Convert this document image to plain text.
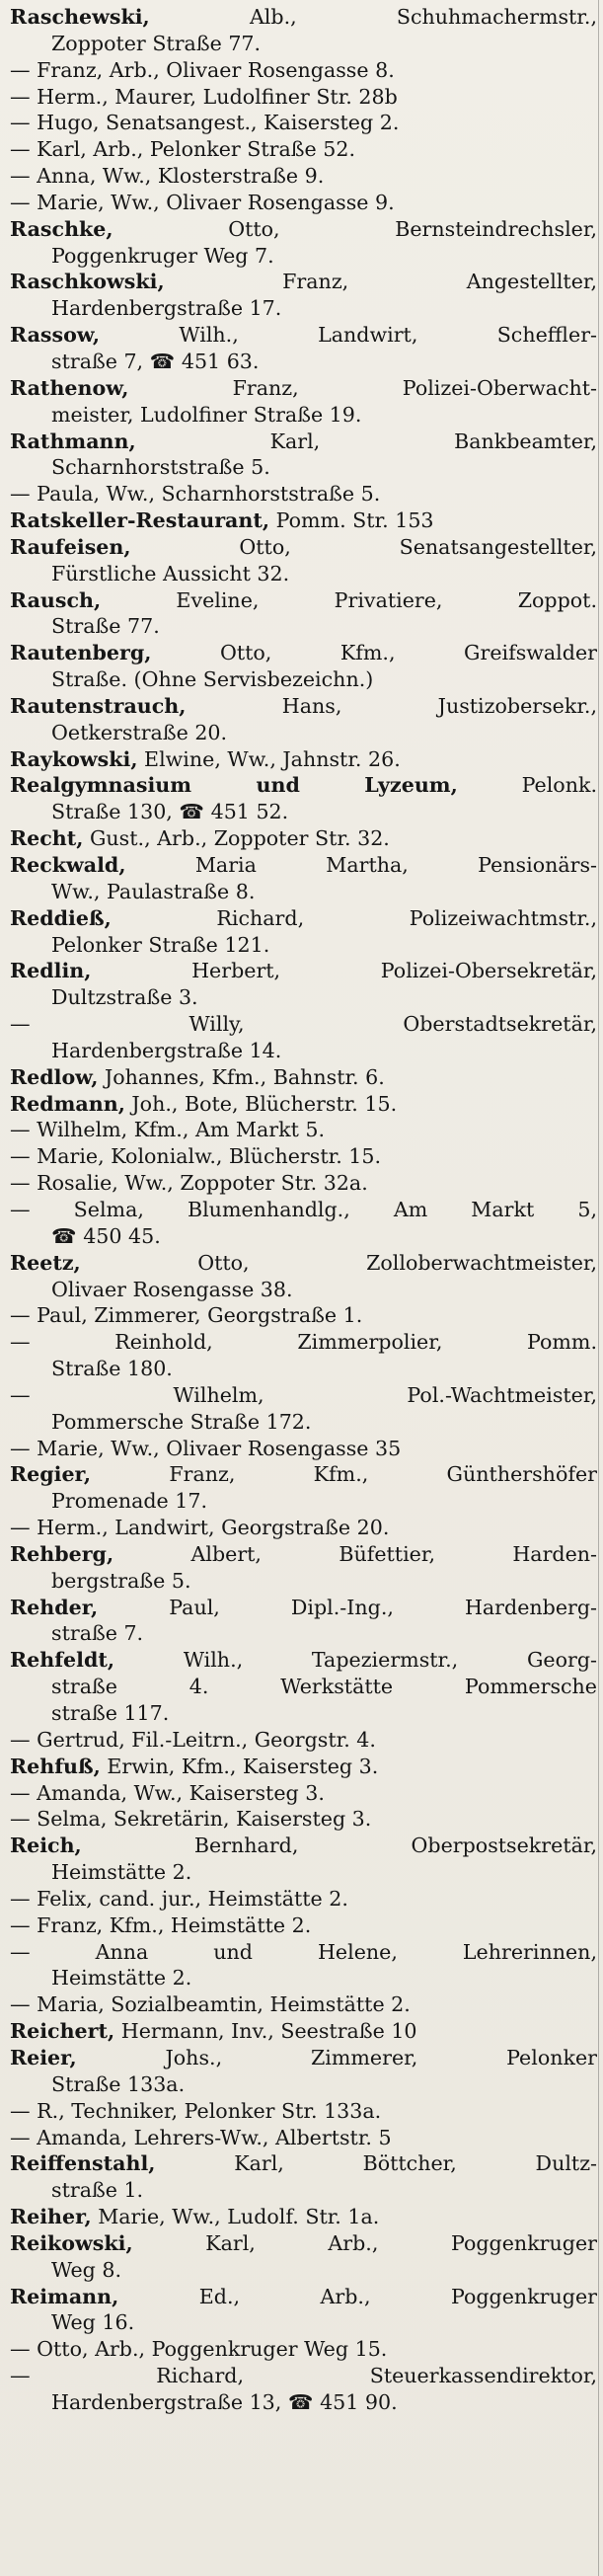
Raschewski,	Alb., Schuhmachermstr.,
Zoppoter Straße 77.

— Franz, Arb., Olivaer Rosengasse 8.

— Herm., Maurer, Ludolfiner Str. 28b

— Hugo, Senatsangest., Kaisersteg 2.

— Karl, Arb., Pelonker Straße 52.

— Anna, Ww., Klosterstraße 9.

— Marie, Ww., Olivaer Rosengasse 9.

Raschke,	Otto, Bernsteindrechsler,
Poggenkruger Weg 7.

Raschkowski,	Franz, Angestellter,
Hardenbergstraße 17.

Rassow,	Wilh., Landwirt, Scheffler-
straße 7, ☎ 451 63.

Rathenow,	Franz, Polizei-Oberwacht-
meister, Ludolfiner Straße 19.

Rathmann,	Karl, Bankbeamter,
Scharnhorststraße 5.

— Paula, Ww., Scharnhorststraße 5.

Ratskeller-Restaurant, Pomm. Str. 153

Raufeisen,	Otto, Senatsangestellter,
Fürstliche Aussicht 32.

Rausch,	Eveline, Privatiere, Zoppot.
Straße 77.

Rautenberg,	Otto, Kfm., Greifswalder
Straße. (Ohne Servisbezeichn.)

Rautenstrauch,	Hans, Justizobersekr.,
Oetkerstraße 20.

Raykowski, Elwine, Ww., Jahnstr. 26.

Realgymnasium und Lyzeum,	Pelonk.
Straße 130, ☎ 451 52.

Recht, Gust., Arb., Zoppoter Str. 32.

Reckwald,	Maria Martha, Pensionärs-
Ww., Paulastraße 8.

Reddieß,	Richard, Polizeiwachtmstr.,
Pelonker Straße 121.

Redlin,	Herbert, Polizei-Obersekretär,
Dultzstraße 3.

— Willy, Oberstadtsekretär,
Hardenbergstraße 14.

Redlow, Johannes, Kfm., Bahnstr. 6.

Redmann, Joh., Bote, Blücherstr. 15.

— Wilhelm, Kfm., Am Markt 5.

— Marie, Kolonialw., Blücherstr. 15.

— Rosalie, Ww., Zoppoter Str. 32a.

— Selma, Blumenhandlg., Am Markt 5,
☎ 450 45.

Reetz,	Otto, Zolloberwachtmeister,
Olivaer Rosengasse 38.

— Paul, Zimmerer, Georgstraße 1.

— Reinhold, Zimmerpolier, Pomm.
Straße 180.

— Wilhelm, Pol.-Wachtmeister,
Pommersche Straße 172.

— Marie, Ww., Olivaer Rosengasse 35

Regier,	Franz, Kfm., Günthershöfer
Promenade 17.

— Herm., Landwirt, Georgstraße 20.

Rehberg,	Albert, Büfettier, Harden-
bergstraße 5.

Rehder,	Paul, Dipl.-Ing., Hardenberg-
straße 7.

Rehfeldt,	Wilh., Tapeziermstr., Georg-
straße 4. Werkstätte Pommersche
straße 117.

— Gertrud, Fil.-Leitrn., Georgstr. 4.

Rehfuß, Erwin, Kfm., Kaisersteg 3.

— Amanda, Ww., Kaisersteg 3.

— Selma, Sekretärin, Kaisersteg 3.

Reich,	Bernhard, Oberpostsekretär,
Heimstätte 2.

— Felix, cand. jur., Heimstätte 2.

— Franz, Kfm., Heimstätte 2.

— Anna und Helene, Lehrerinnen,
Heimstätte 2.

— Maria, Sozialbeamtin, Heimstätte 2.

Reichert, Hermann, Inv., Seestraße 10

Reier,	Johs., Zimmerer, Pelonker
Straße 133a.

— R., Techniker, Pelonker Str. 133a.

— Amanda, Lehrers-Ww., Albertstr. 5

Reiffenstahl,	Karl, Böttcher, Dultz-
straße 1.

Reiher, Marie, Ww., Ludolf. Str. 1a.

Reikowski,	Karl, Arb., Poggenkruger
Weg 8.

Reimann,	Ed., Arb., Poggenkruger
Weg 16.

— Otto, Arb., Poggenkruger Weg 15.

— Richard, Steuerkassendirektor,
Hardenbergstraße 13, ☎ 451 90.
